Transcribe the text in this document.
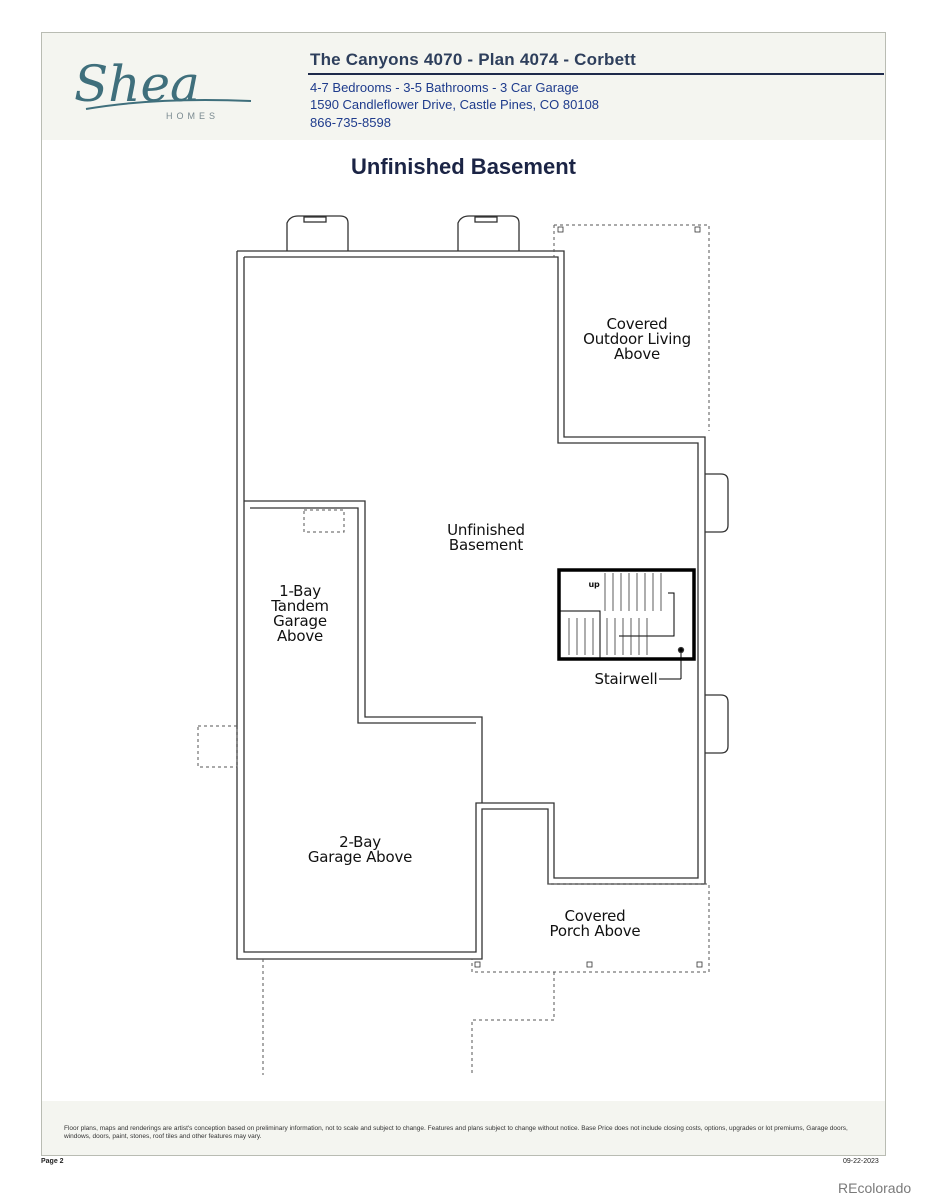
Shea
HOMES
The Canyons 4070 - Plan 4074 - Corbett
4-7 Bedrooms - 3-5 Bathrooms - 3 Car Garage
1590 Candleflower Drive, Castle Pines, CO 80108
866-735-8598
Unfinished Basement
Covered
Outdoor Living
Above
Unfinished
Basement
1-Bay
Tandem
Garage
Above
2-Bay
Garage Above
Covered
Porch Above
Stairwell
up
Floor plans, maps and renderings are artist's conception based on preliminary information, not to scale and subject to change. Features and plans subject to change without notice. Base Price does not include closing costs, options, upgrades or lot premiums, Garage doors, windows, doors, paint, stones, roof tiles and other features may vary.
Page 2	09-22-2023
REcolorado
